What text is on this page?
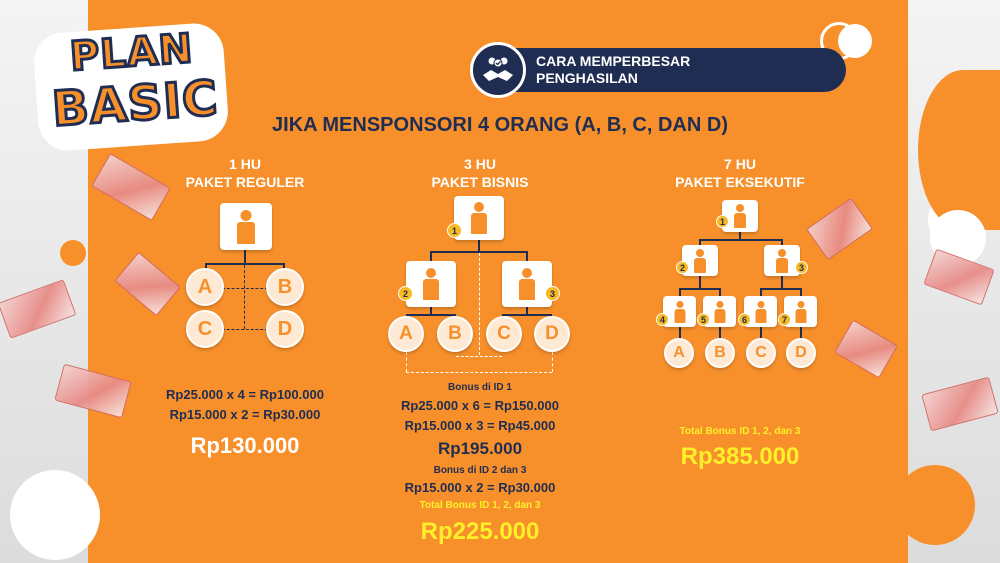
PLAN
BASIC
CARA MEMPERBESAR
PENGHASILAN
JIKA MENSPONSORI 4 ORANG (A, B, C, DAN D)
1 HU
PAKET REGULER
A	B
C	D
Rp25.000 x 4 = Rp100.000
Rp15.000 x 2 = Rp30.000
Rp130.000
3 HU
PAKET BISNIS
1
2	3
A	B	C	D
Bonus di ID 1
Rp25.000 x 6 = Rp150.000
Rp15.000 x 3 = Rp45.000
Rp195.000
Bonus di ID 2 dan 3
Rp15.000 x 2 = Rp30.000
Total Bonus ID 1, 2, dan 3
Rp225.000
7 HU
PAKET EKSEKUTIF
1
2	3
4	5	6	7
A	B	C	D
Total Bonus ID 1, 2, dan 3
Rp385.000
